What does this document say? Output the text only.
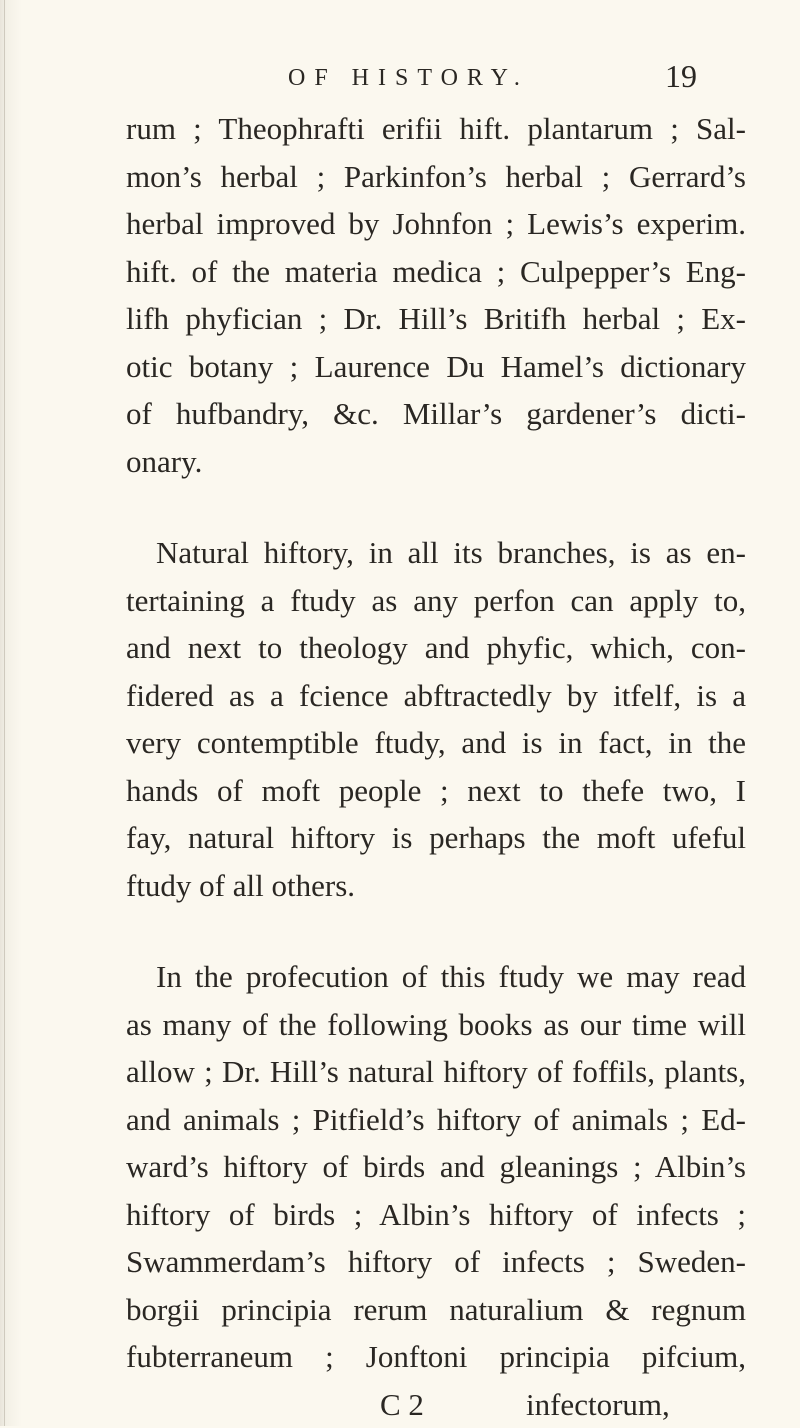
OF HISTORY.	19
rum ; Theophrafti erifii hift. plantarum ; Sal-
mon’s herbal ; Parkinfon’s herbal ; Gerrard’s
herbal improved by Johnfon ; Lewis’s experim.
hift. of the materia medica ; Culpepper’s Eng-
lifh phyfician ; Dr. Hill’s Britifh herbal ; Ex-
otic botany ; Laurence Du Hamel’s dictionary
of hufbandry, &c. Millar’s gardener’s dicti-
onary.
Natural hiftory, in all its branches, is as en-
tertaining a ftudy as any perfon can apply to,
and next to theology and phyfic, which, con-
fidered as a fcience abftractedly by itfelf, is a
very contemptible ftudy, and is in fact, in the
hands of moft people ; next to thefe two, I
fay, natural hiftory is perhaps the moft ufeful
ftudy of all others.
In the profecution of this ftudy we may read
as many of the following books as our time will
allow ; Dr. Hill’s natural hiftory of foffils, plants,
and animals ; Pitfield’s hiftory of animals ; Ed-
ward’s hiftory of birds and gleanings ; Albin’s
hiftory of birds ; Albin’s hiftory of infects ;
Swammerdam’s hiftory of infects ; Sweden-
borgii principia rerum naturalium & regnum
fubterraneum ; Jonftoni principia pifcium,
C 2	infectorum,
